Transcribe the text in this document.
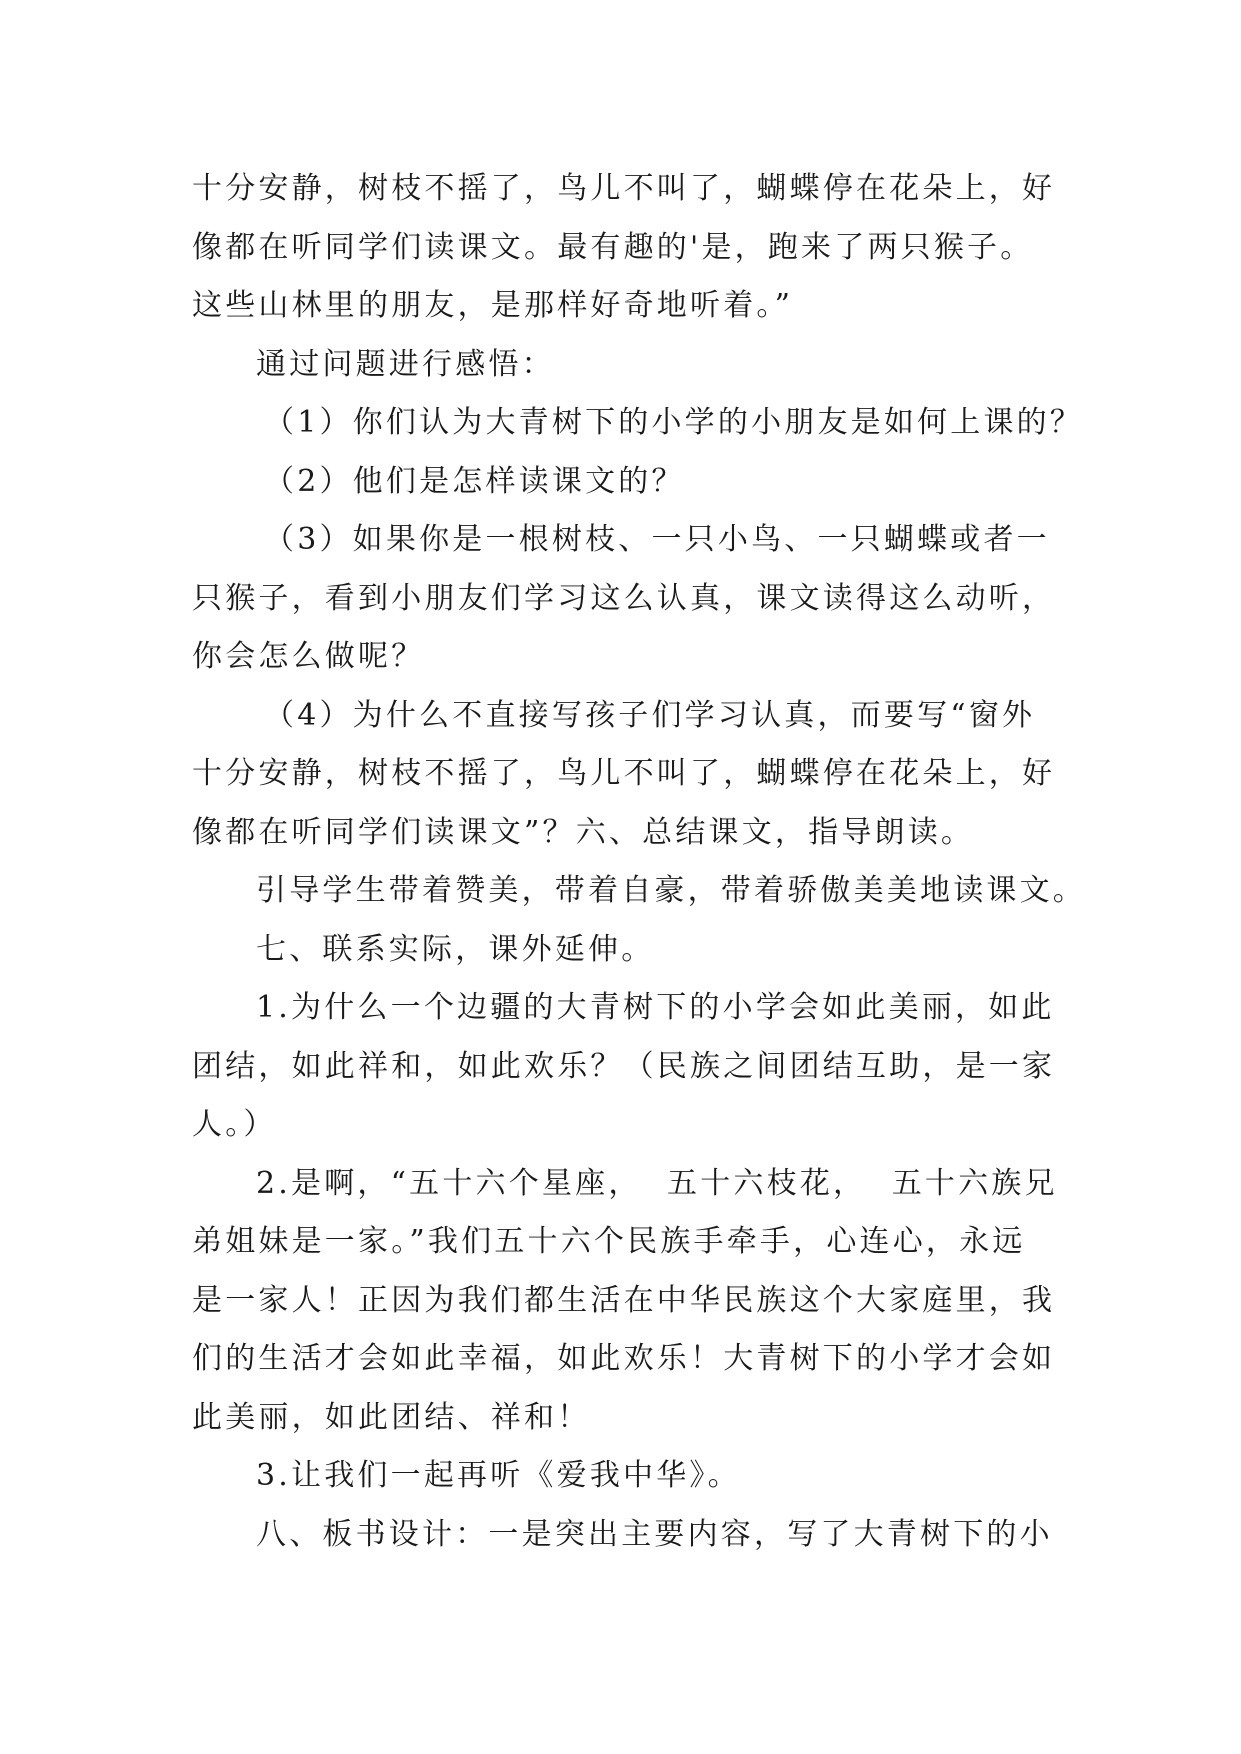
十分安静，树枝不摇了，鸟儿不叫了，蝴蝶停在花朵上，好
像都在听同学们读课文。最有趣的'是，跑来了两只猴子。
这些山林里的朋友，是那样好奇地听着。”
通过问题进行感悟：
（1）你们认为大青树下的小学的小朋友是如何上课的？
（2）他们是怎样读课文的？
（3）如果你是一根树枝、一只小鸟、一只蝴蝶或者一
只猴子，看到小朋友们学习这么认真，课文读得这么动听，
你会怎么做呢？
（4）为什么不直接写孩子们学习认真，而要写“窗外
十分安静，树枝不摇了，鸟儿不叫了，蝴蝶停在花朵上，好
像都在听同学们读课文”？六、总结课文，指导朗读。
引导学生带着赞美，带着自豪，带着骄傲美美地读课文。
七、联系实际，课外延伸。
1.为什么一个边疆的大青树下的小学会如此美丽，如此
团结，如此祥和，如此欢乐？（民族之间团结互助，是一家
人。）
2.是啊，“五十六个星座，  五十六枝花，  五十六族兄
弟姐妹是一家。”我们五十六个民族手牵手，心连心，永远
是一家人！正因为我们都生活在中华民族这个大家庭里，我
们的生活才会如此幸福，如此欢乐！大青树下的小学才会如
此美丽，如此团结、祥和！
3.让我们一起再听《爱我中华》。
八、板书设计：一是突出主要内容，写了大青树下的小
